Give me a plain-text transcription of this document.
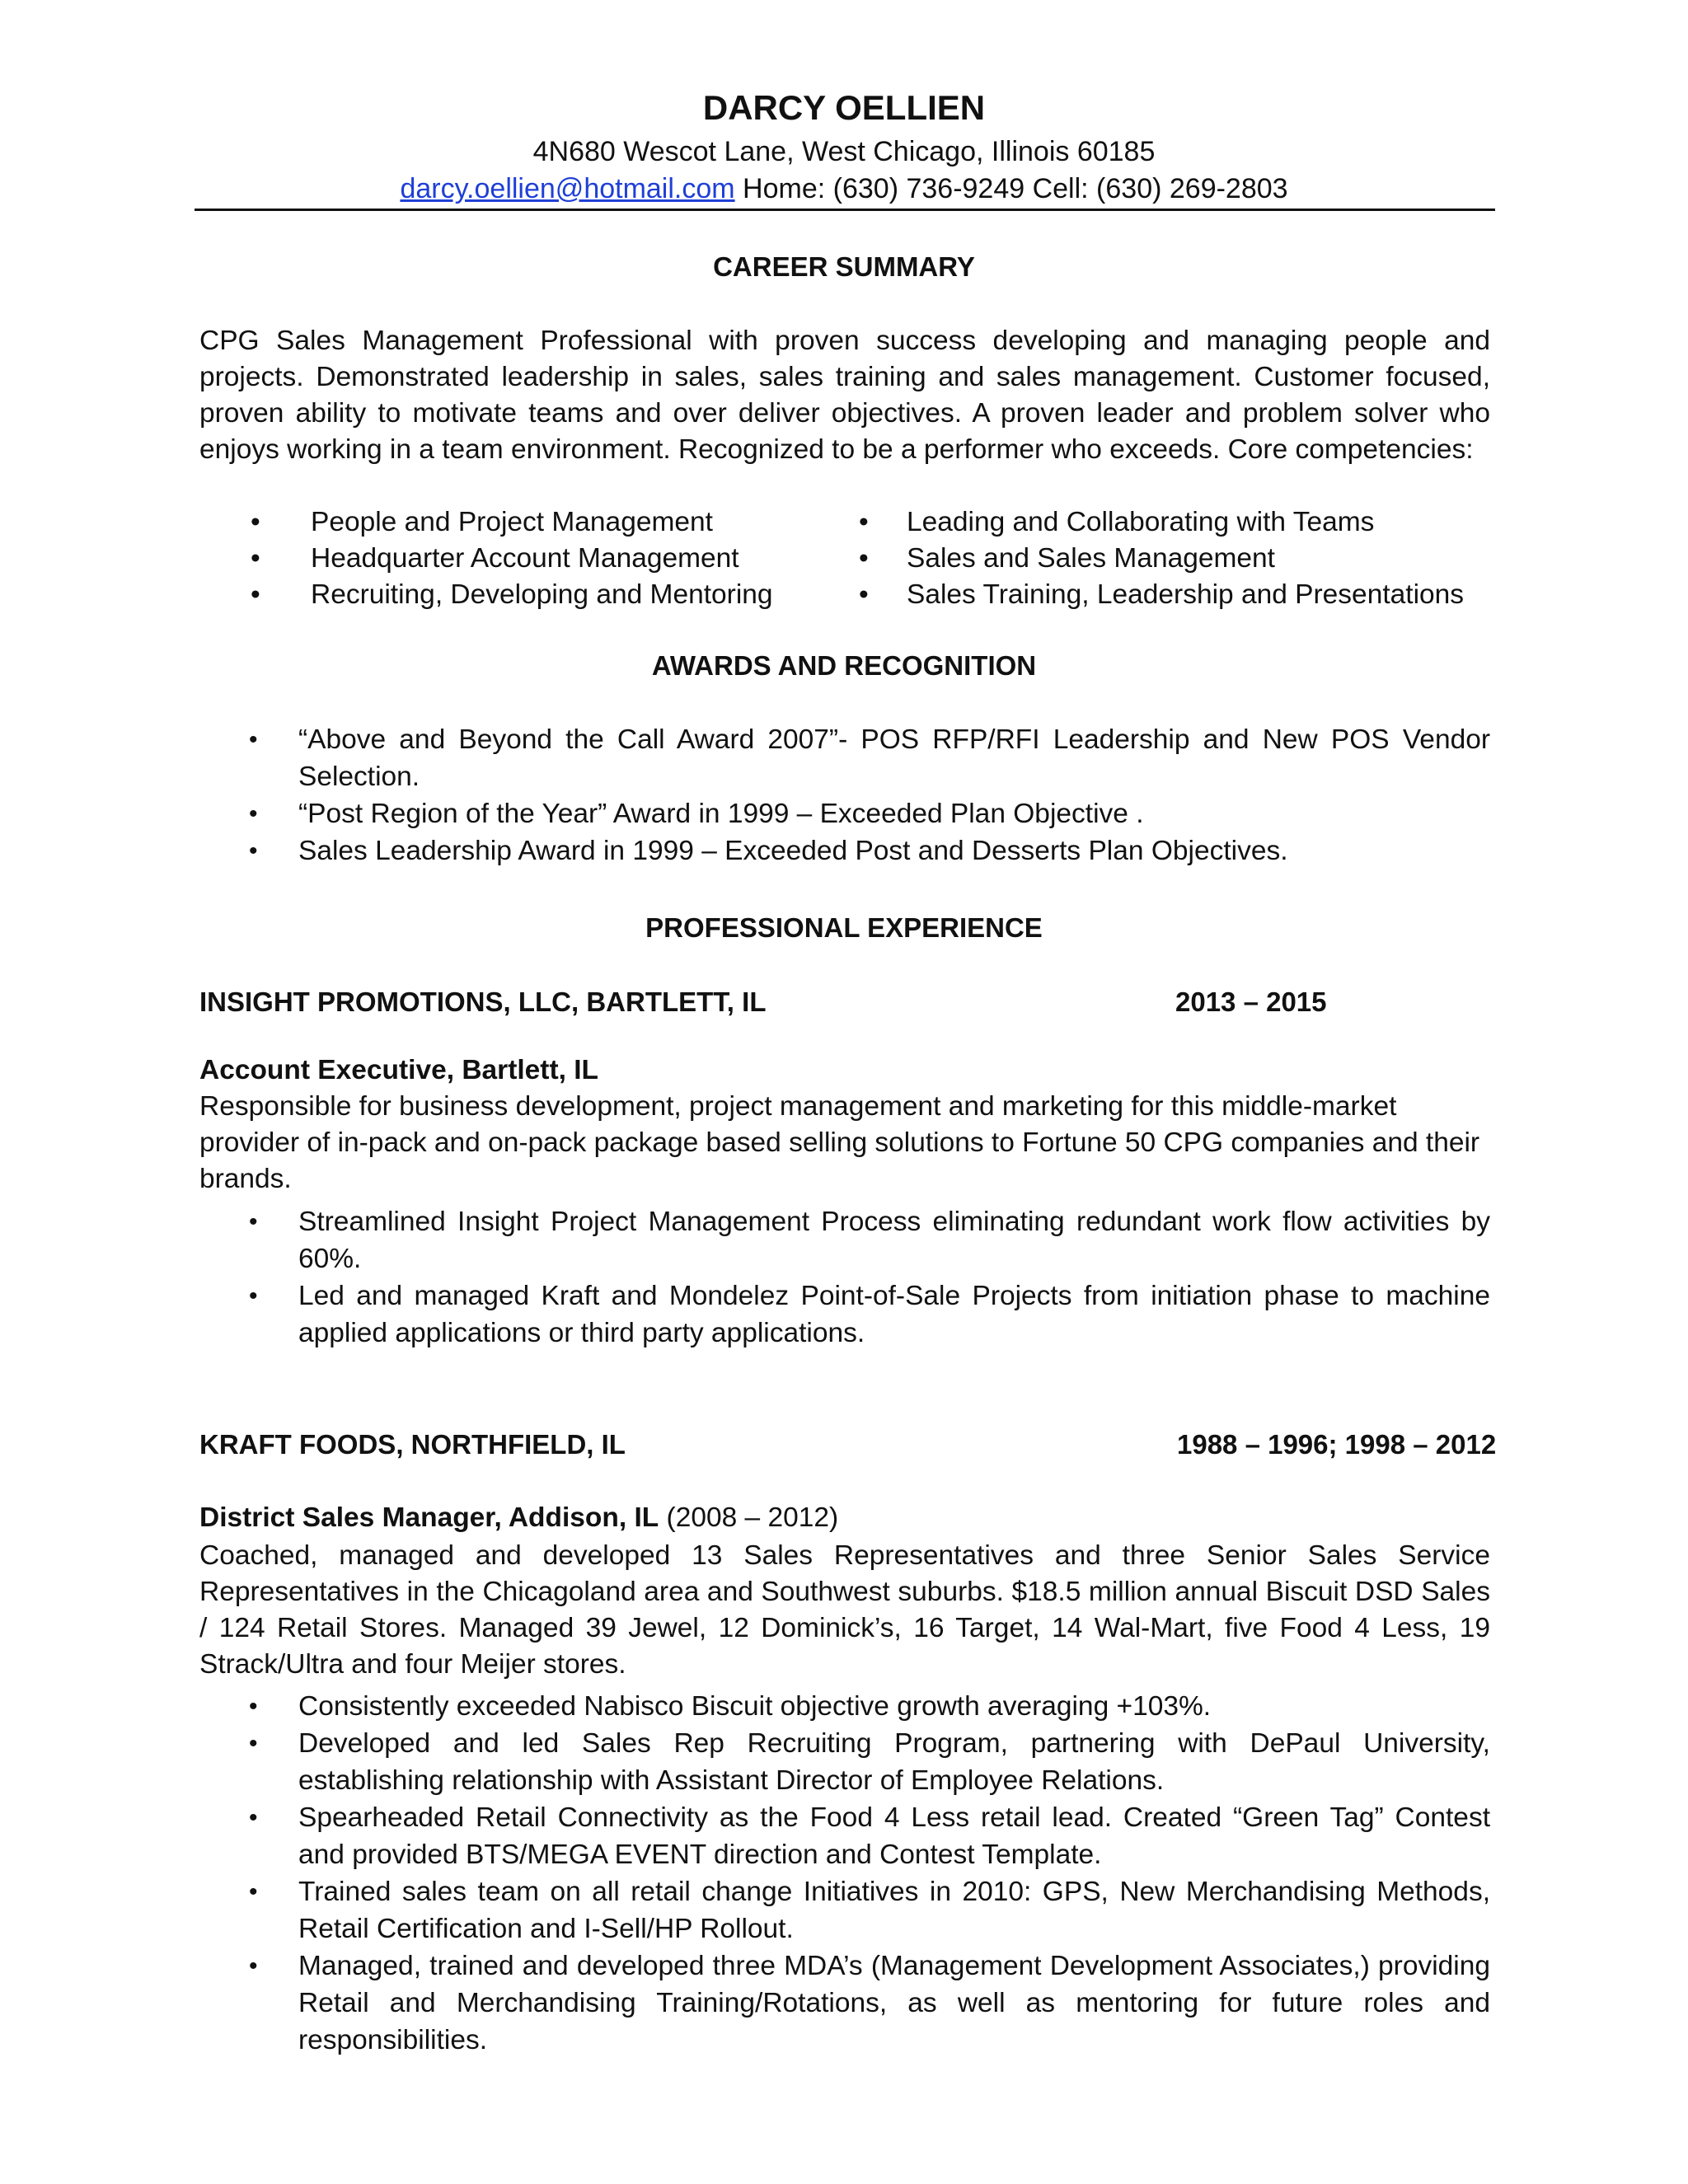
DARCY OELLIEN
4N680 Wescot Lane, West Chicago, Illinois 60185
darcy.oellien@hotmail.com Home: (630) 736-9249 Cell: (630) 269-2803
CAREER SUMMARY
CPG Sales Management Professional with proven success developing and managing people and projects. Demonstrated leadership in sales, sales training and sales management. Customer focused, proven ability to motivate teams and over deliver objectives. A proven leader and problem solver who enjoys working in a team environment. Recognized to be a performer who exceeds. Core competencies:
• People and Project Management
• Headquarter Account Management
• Recruiting, Developing and Mentoring
• Leading and Collaborating with Teams
• Sales and Sales Management
• Sales Training, Leadership and Presentations
AWARDS AND RECOGNITION
• “Above and Beyond the Call Award 2007”- POS RFP/RFI Leadership and New POS Vendor Selection.
• “Post Region of the Year” Award in 1999 – Exceeded Plan Objective .
• Sales Leadership Award in 1999 – Exceeded Post and Desserts Plan Objectives.
PROFESSIONAL EXPERIENCE
INSIGHT PROMOTIONS, LLC, BARTLETT, IL	2013 – 2015
Account Executive, Bartlett, IL
Responsible for business development, project management and marketing for this middle-market provider of in-pack and on-pack package based selling solutions to Fortune 50 CPG companies and their brands.
• Streamlined Insight Project Management Process eliminating redundant work flow activities by 60%.
• Led and managed Kraft and Mondelez Point-of-Sale Projects from initiation phase to machine applied applications or third party applications.
KRAFT FOODS, NORTHFIELD, IL	1988 – 1996; 1998 – 2012
District Sales Manager, Addison, IL (2008 – 2012)
Coached, managed and developed 13 Sales Representatives and three Senior Sales Service Representatives in the Chicagoland area and Southwest suburbs. $18.5 million annual Biscuit DSD Sales / 124 Retail Stores. Managed 39 Jewel, 12 Dominick’s, 16 Target, 14 Wal-Mart, five Food 4 Less, 19 Strack/Ultra and four Meijer stores.
• Consistently exceeded Nabisco Biscuit objective growth averaging +103%.
• Developed and led Sales Rep Recruiting Program, partnering with DePaul University, establishing relationship with Assistant Director of Employee Relations.
• Spearheaded Retail Connectivity as the Food 4 Less retail lead. Created “Green Tag” Contest and provided BTS/MEGA EVENT direction and Contest Template.
• Trained sales team on all retail change Initiatives in 2010: GPS, New Merchandising Methods, Retail Certification and I-Sell/HP Rollout.
• Managed, trained and developed three MDA’s (Management Development Associates,) providing Retail and Merchandising Training/Rotations, as well as mentoring for future roles and responsibilities.
